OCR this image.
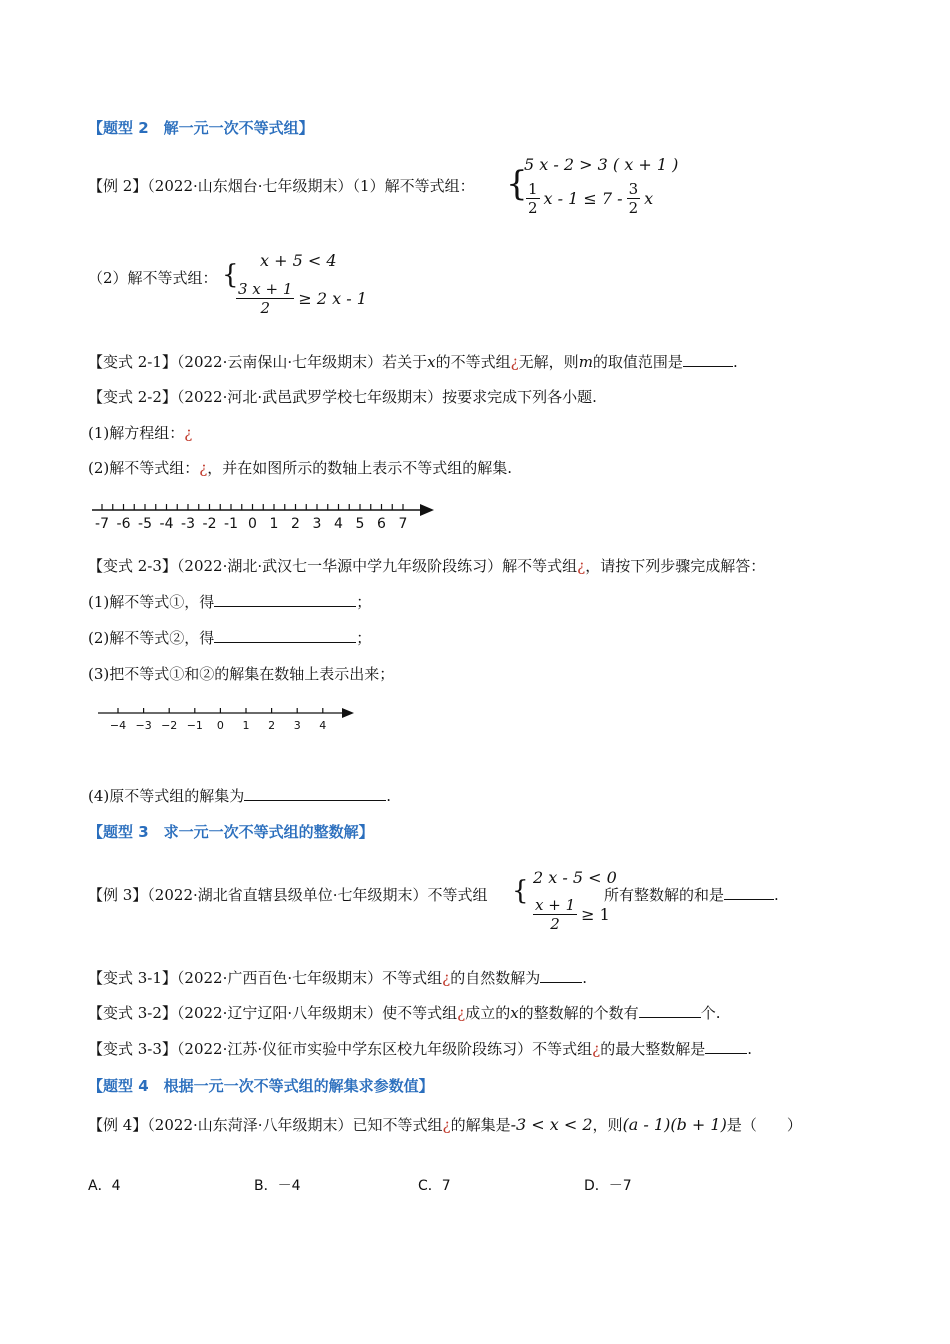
【题型 2　解一元一次不等式组】
【例 2】（2022·山东烟台·七年级期末）（1）解不等式组： {
5 x - 2 > 3 ( x + 1 )
1
2 x - 1 ≤ 7 - 3
2 x
（2）解不等式组： { x + 5 < 4
$\frac{3 x + 1}{2} \ge 2$ x - 1
【变式 2-1】（2022·云南保山·七年级期末）若关于x的不等式组¿无解，则m的取值范围是	.
【变式 2-2】（2022·河北·武邑武罗学校七年级期末）按要求完成下列各小题.
(1)解方程组：¿
(2)解不等式组：¿，并在如图所示的数轴上表示不等式组的解集.
-7 -6 -5 -4 -3 -2 -1 0 1 2 3 4 5 6 7
【变式 2-3】（2022·湖北·武汉七一华源中学九年级阶段练习）解不等式组¿，请按下列步骤完成解答：
(1)解不等式①，得	；
(2)解不等式②，得	；
(3)把不等式①和②的解集在数轴上表示出来；
−4 −3 −2 −1 0 1 2 3 4
(4)原不等式组的解集为	.
【题型 3　求一元一次不等式组的整数解】
【例 3】（2022·湖北省直辖县级单位·七年级期末）不等式组 { 2 x - 5 < 0
$\frac{x + 1}{2} \ge 1$
所有整数解的和是	.
【变式 3-1】（2022·广西百色·七年级期末）不等式组¿的自然数解为	.
【变式 3-2】（2022·辽宁辽阳·八年级期末）使不等式组¿成立的x的整数解的个数有	个.
【变式 3-3】（2022·江苏·仪征市实验中学东区校九年级阶段练习）不等式组¿的最大整数解是	.
【题型 4　根据一元一次不等式组的解集求参数值】
【例 4】（2022·山东菏泽·八年级期末）已知不等式组¿的解集是-3 < x < 2，则(a - 1)(b + 1)是（　　）
A．4	B．－4	C．7	D．－7
